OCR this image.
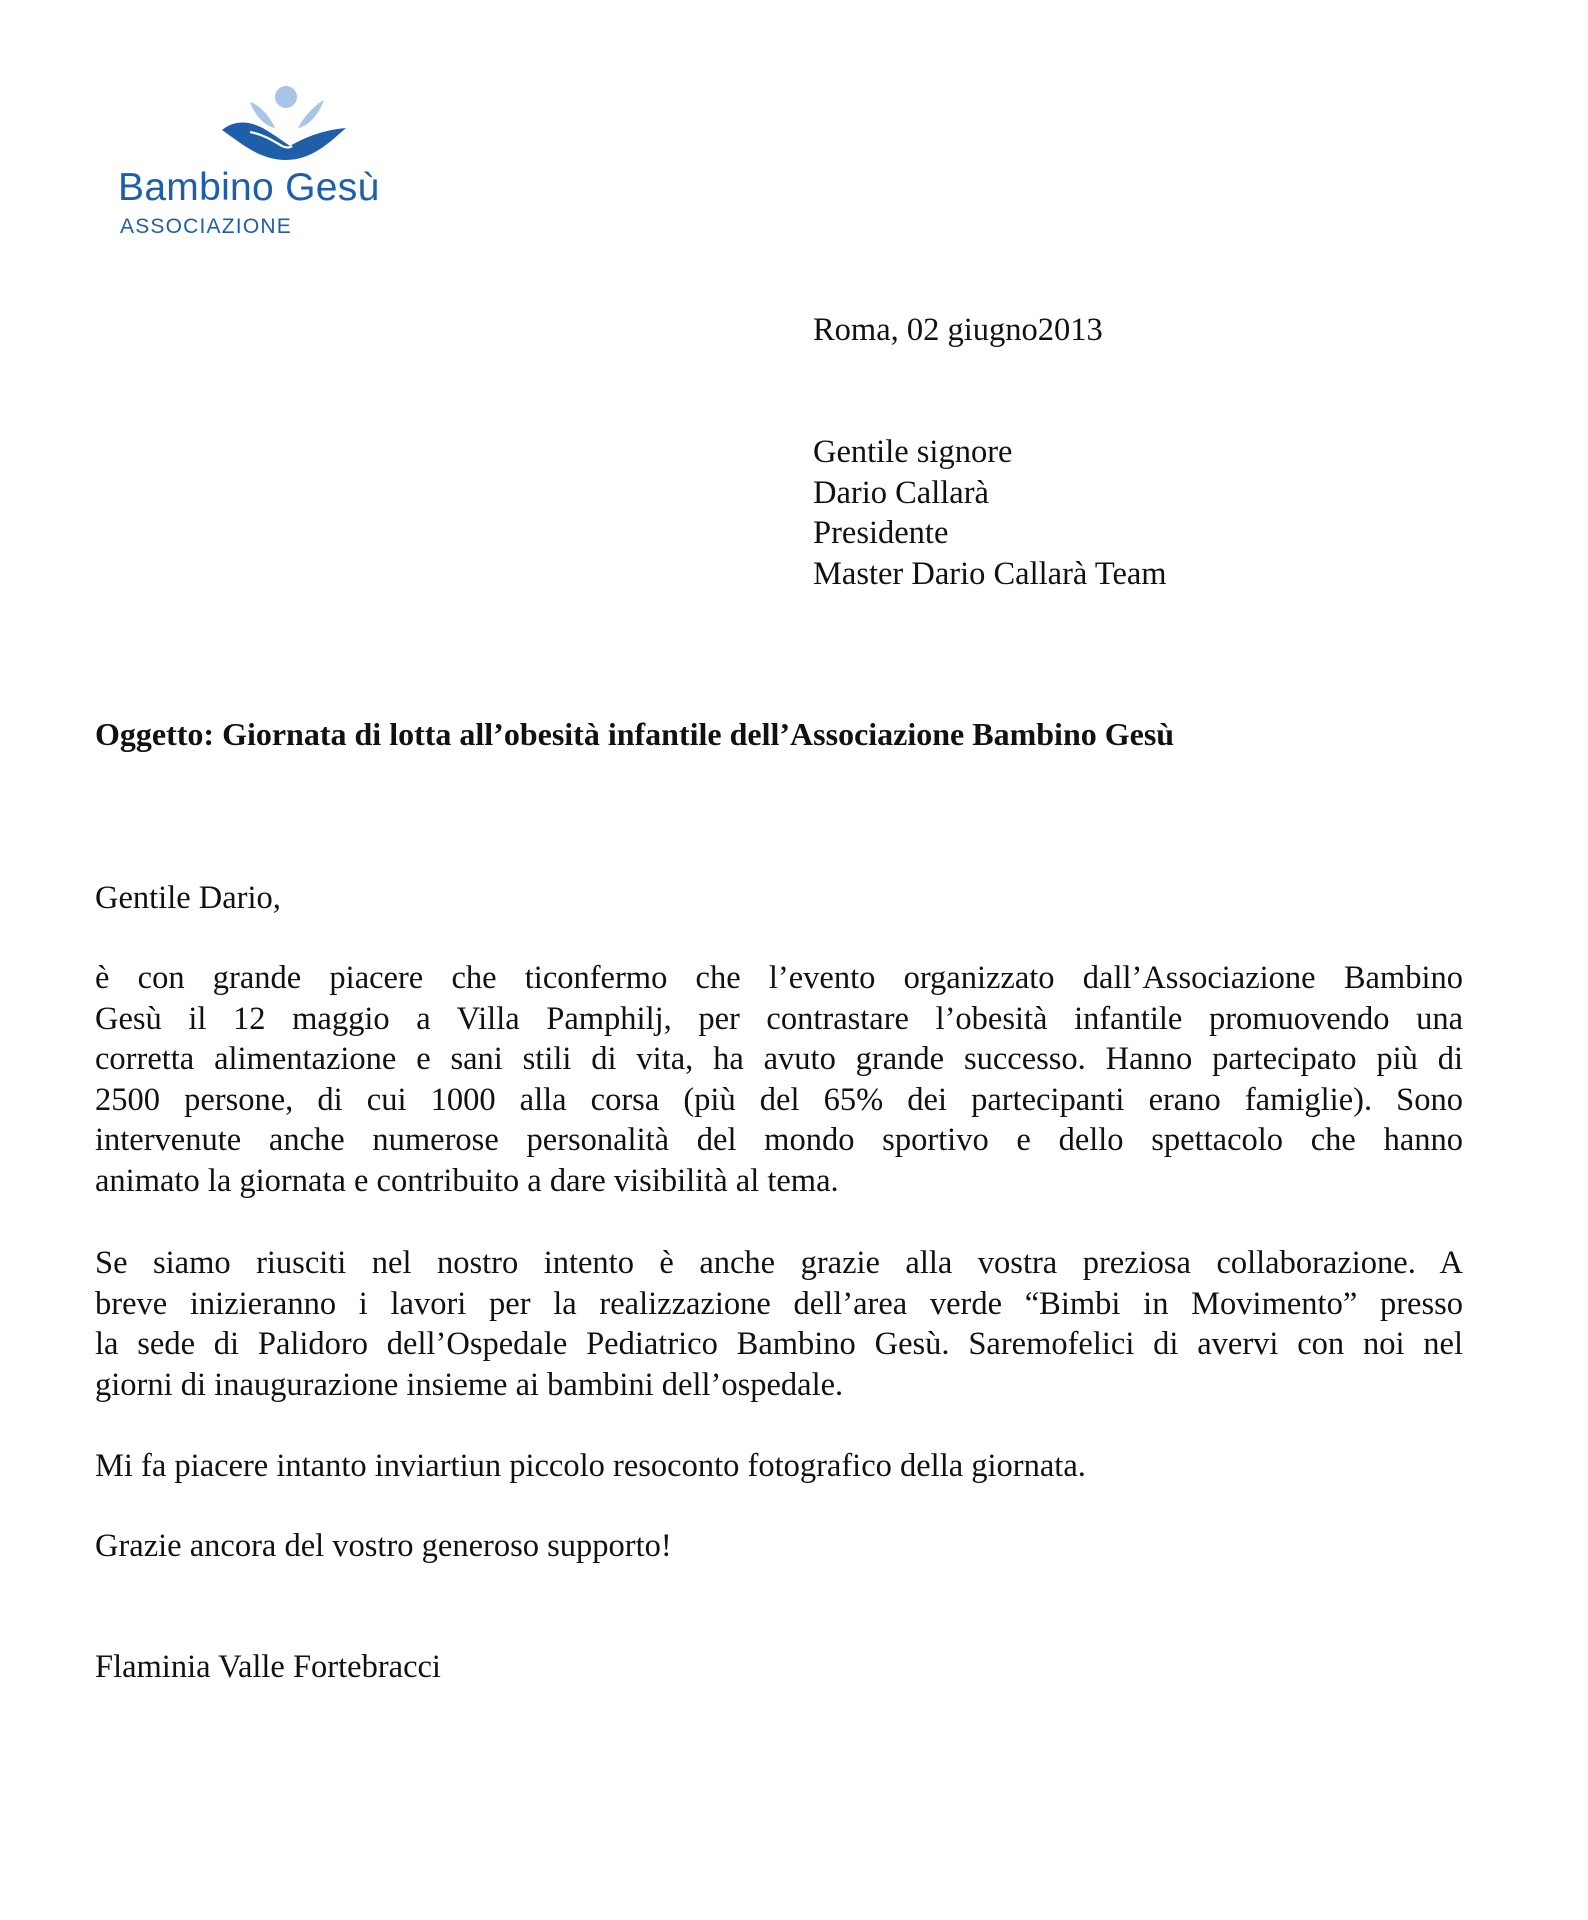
Bambino Gesù
ASSOCIAZIONE
Roma, 02 giugno2013
Gentile signore
Dario Callarà
Presidente
Master Dario Callarà Team
Oggetto: Giornata di lotta all’obesità infantile dell’Associazione Bambino Gesù
Gentile Dario,
è con grande piacere che ticonfermo che l’evento organizzato dall’Associazione Bambino
Gesù il 12 maggio a Villa Pamphilj, per contrastare l’obesità infantile promuovendo una
corretta alimentazione e sani stili di vita, ha avuto grande successo. Hanno partecipato più di
2500 persone, di cui 1000 alla corsa (più del 65% dei partecipanti erano famiglie). Sono
intervenute anche numerose personalità del mondo sportivo e dello spettacolo che hanno
animato la giornata e contribuito a dare visibilità al tema.
Se siamo riusciti nel nostro intento è anche grazie alla vostra preziosa collaborazione. A
breve inizieranno i lavori per la realizzazione dell’area verde “Bimbi in Movimento” presso
la sede di Palidoro dell’Ospedale Pediatrico Bambino Gesù. Saremofelici di avervi con noi nel
giorni di inaugurazione insieme ai bambini dell’ospedale.
Mi fa piacere intanto inviartiun piccolo resoconto fotografico della giornata.
Grazie ancora del vostro generoso supporto!
Flaminia Valle Fortebracci
